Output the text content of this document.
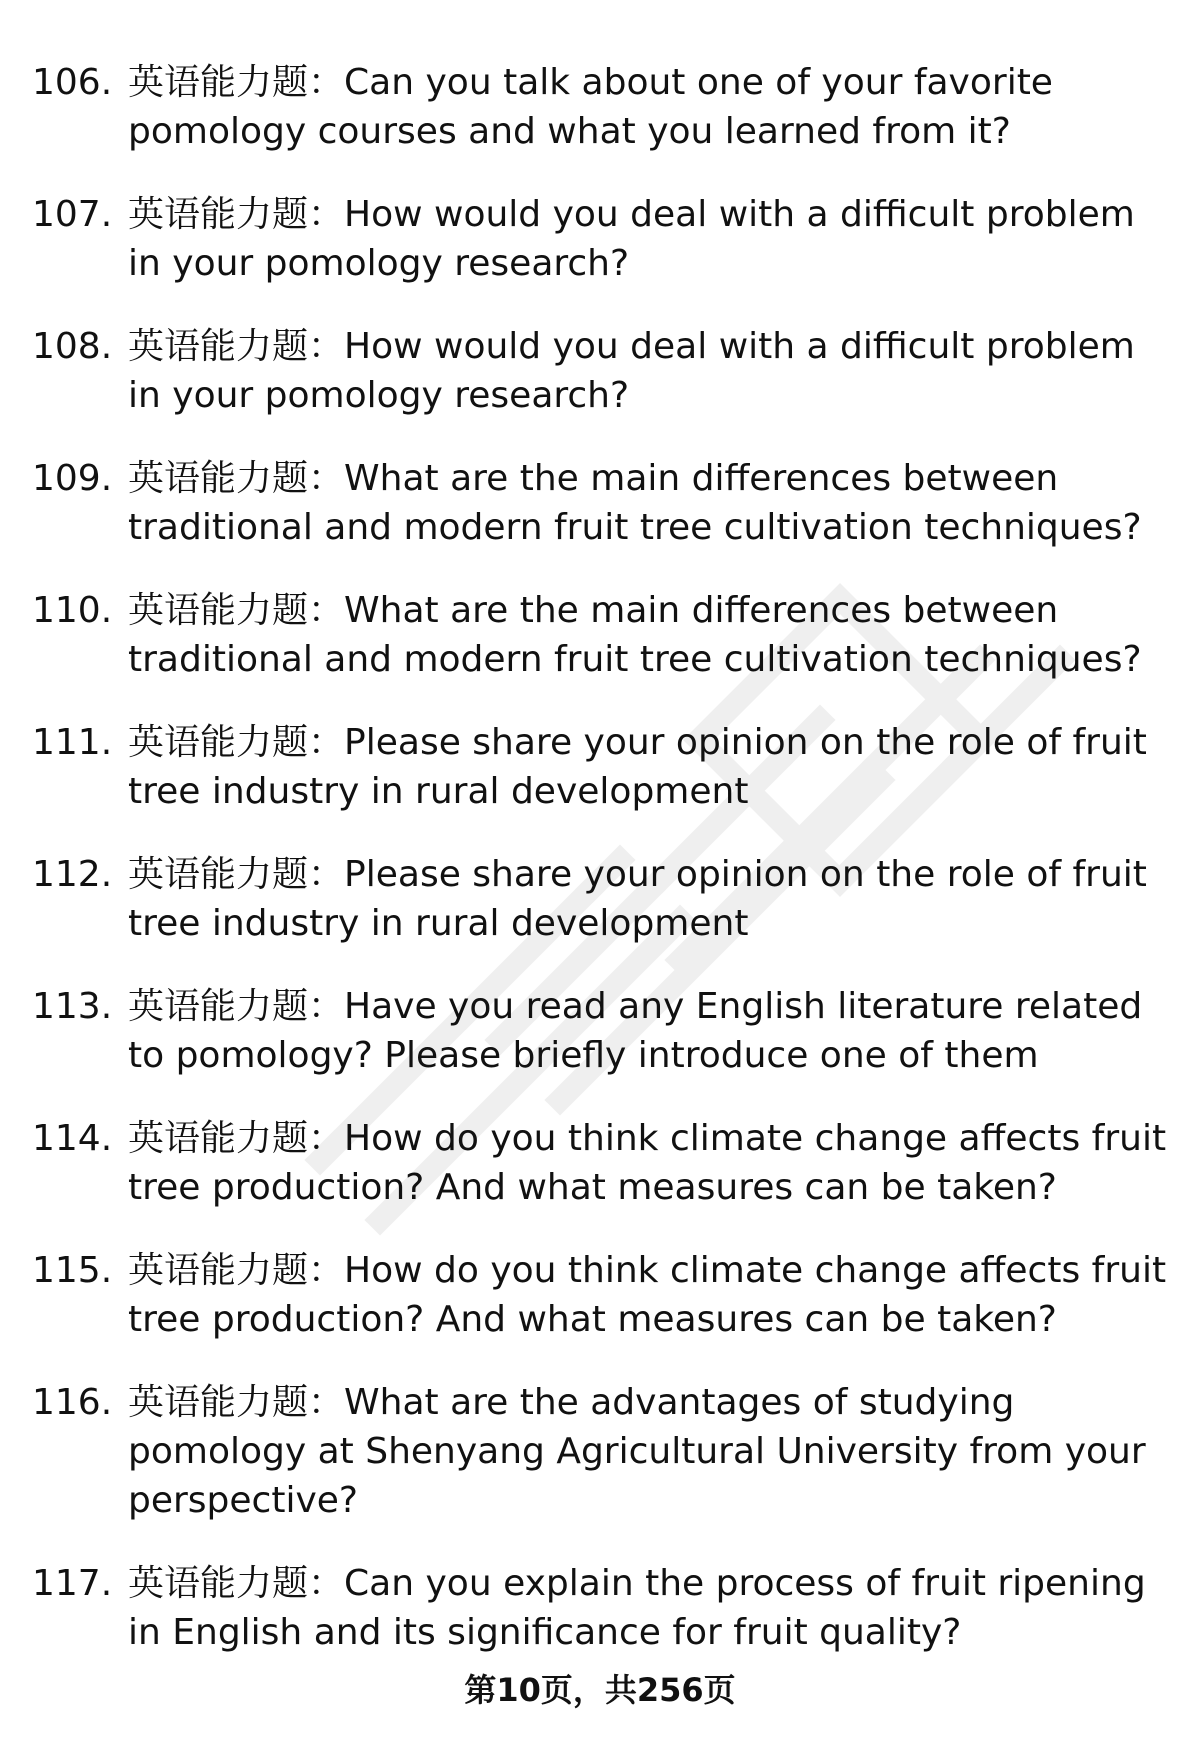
106. 英语能力题：Can you talk about one of your favorite pomology courses and what you learned from it?
107. 英语能力题：How would you deal with a difficult problem in your pomology research?
108. 英语能力题：How would you deal with a difficult problem in your pomology research?
109. 英语能力题：What are the main differences between traditional and modern fruit tree cultivation techniques?
110. 英语能力题：What are the main differences between traditional and modern fruit tree cultivation techniques?
111. 英语能力题：Please share your opinion on the role of fruit tree industry in rural development
112. 英语能力题：Please share your opinion on the role of fruit tree industry in rural development
113. 英语能力题：Have you read any English literature related to pomology? Please briefly introduce one of them
114. 英语能力题：How do you think climate change affects fruit tree production? And what measures can be taken?
115. 英语能力题：How do you think climate change affects fruit tree production? And what measures can be taken?
116. 英语能力题：What are the advantages of studying pomology at Shenyang Agricultural University from your perspective?
117. 英语能力题：Can you explain the process of fruit ripening in English and its significance for fruit quality?
第10页，共256页
